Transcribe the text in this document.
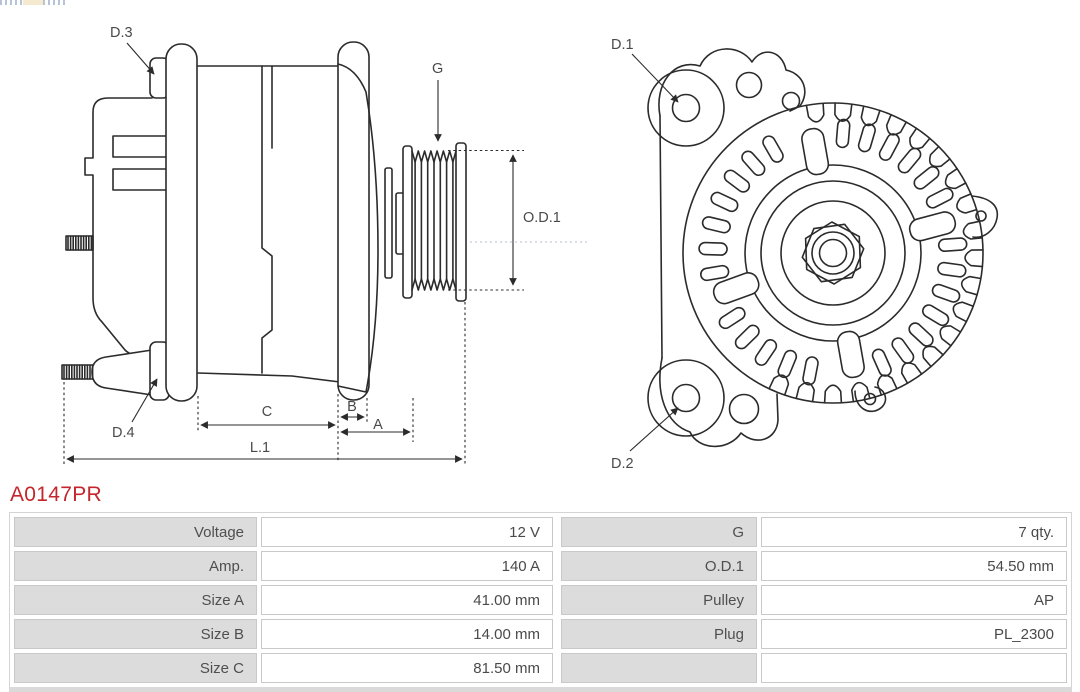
D.3
G
O.D.1
D.4
C	B
A
L.1
D.1
D.2
A0147PR
Voltage	12 V
Amp.	140 A
Size A	41.00 mm
Size B	14.00 mm
Size C	81.50 mm
G	7 qty.
O.D.1	54.50 mm
Pulley	AP
Plug	PL_2300
